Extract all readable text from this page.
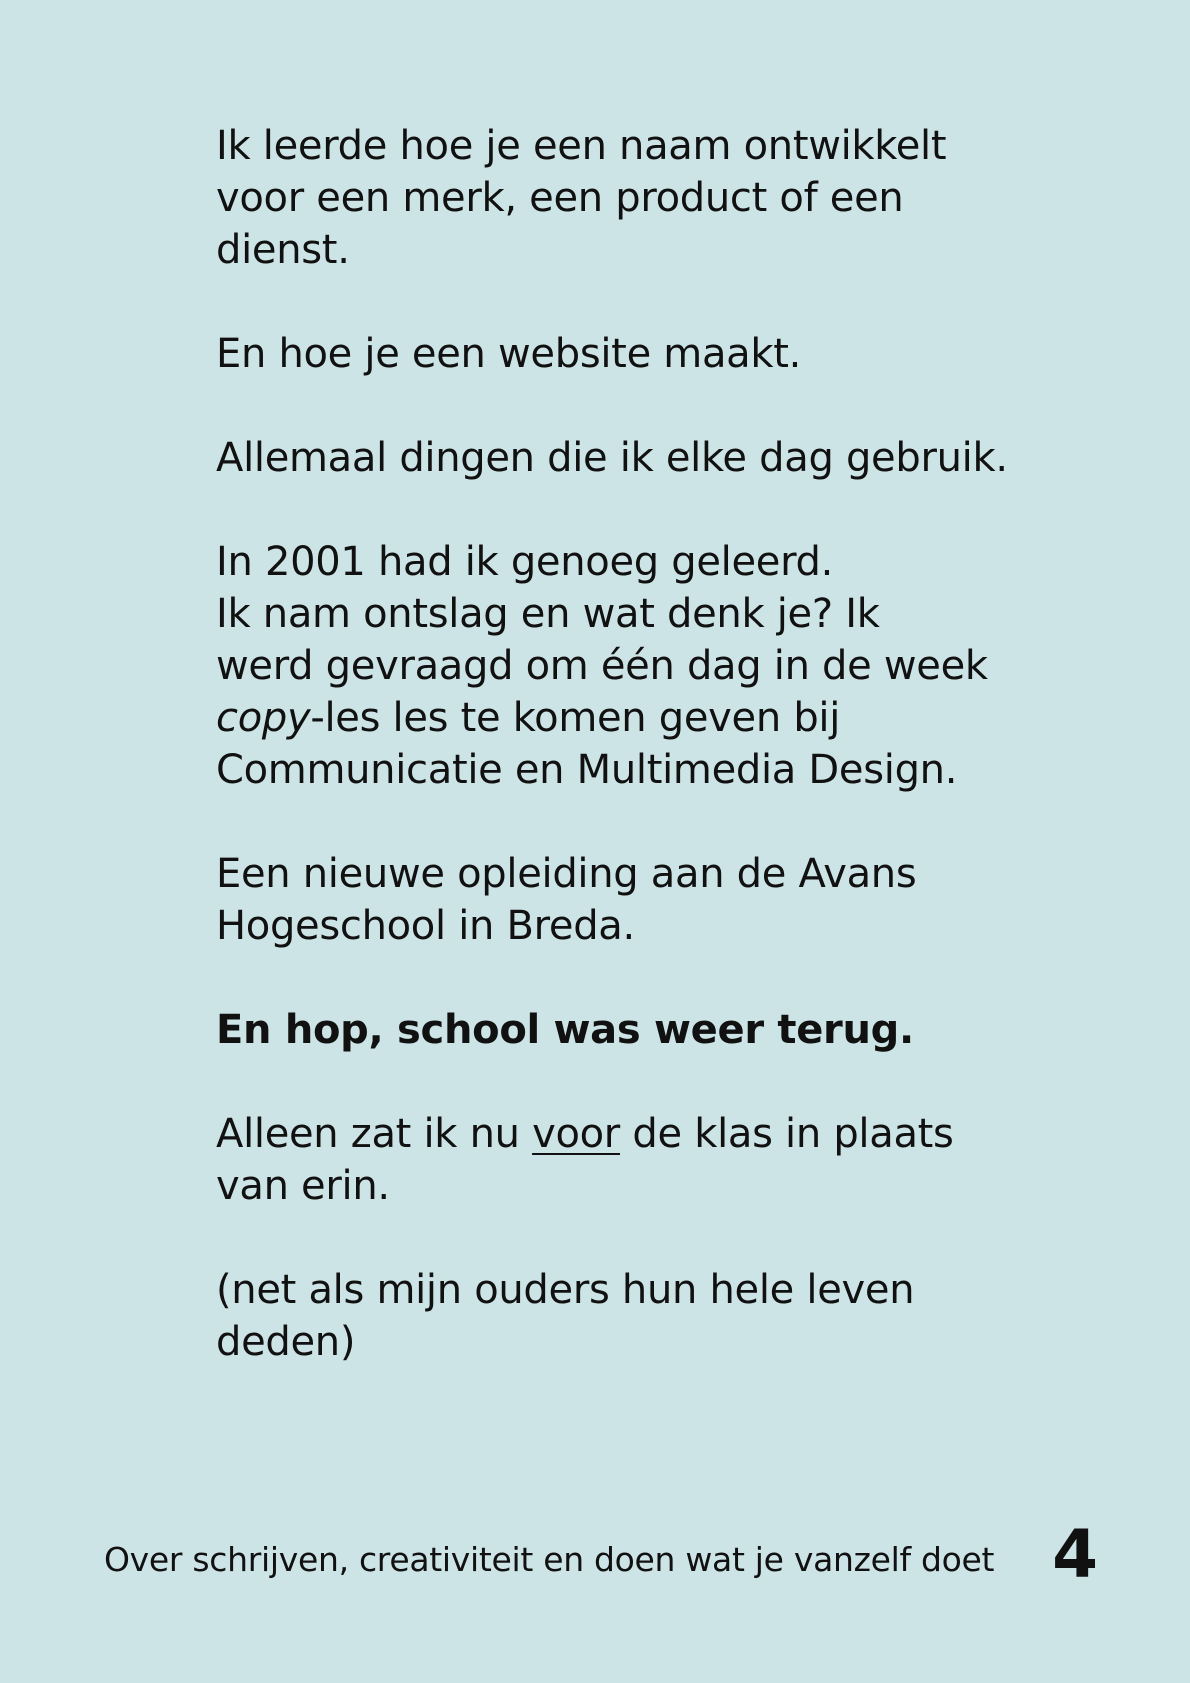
Ik leerde hoe je een naam ontwikkelt
voor een merk, een product of een
dienst.

En hoe je een website maakt.

Allemaal dingen die ik elke dag gebruik.

In 2001 had ik genoeg geleerd.
Ik nam ontslag en wat denk je? Ik
werd gevraagd om één dag in de week
copy-les les te komen geven bij
Communicatie en Multimedia Design.

Een nieuwe opleiding aan de Avans
Hogeschool in Breda.

En hop, school was weer terug.

Alleen zat ik nu voor de klas in plaats
van erin.

(net als mijn ouders hun hele leven
deden)

Over schrijven, creativiteit en doen wat je vanzelf doet 4
